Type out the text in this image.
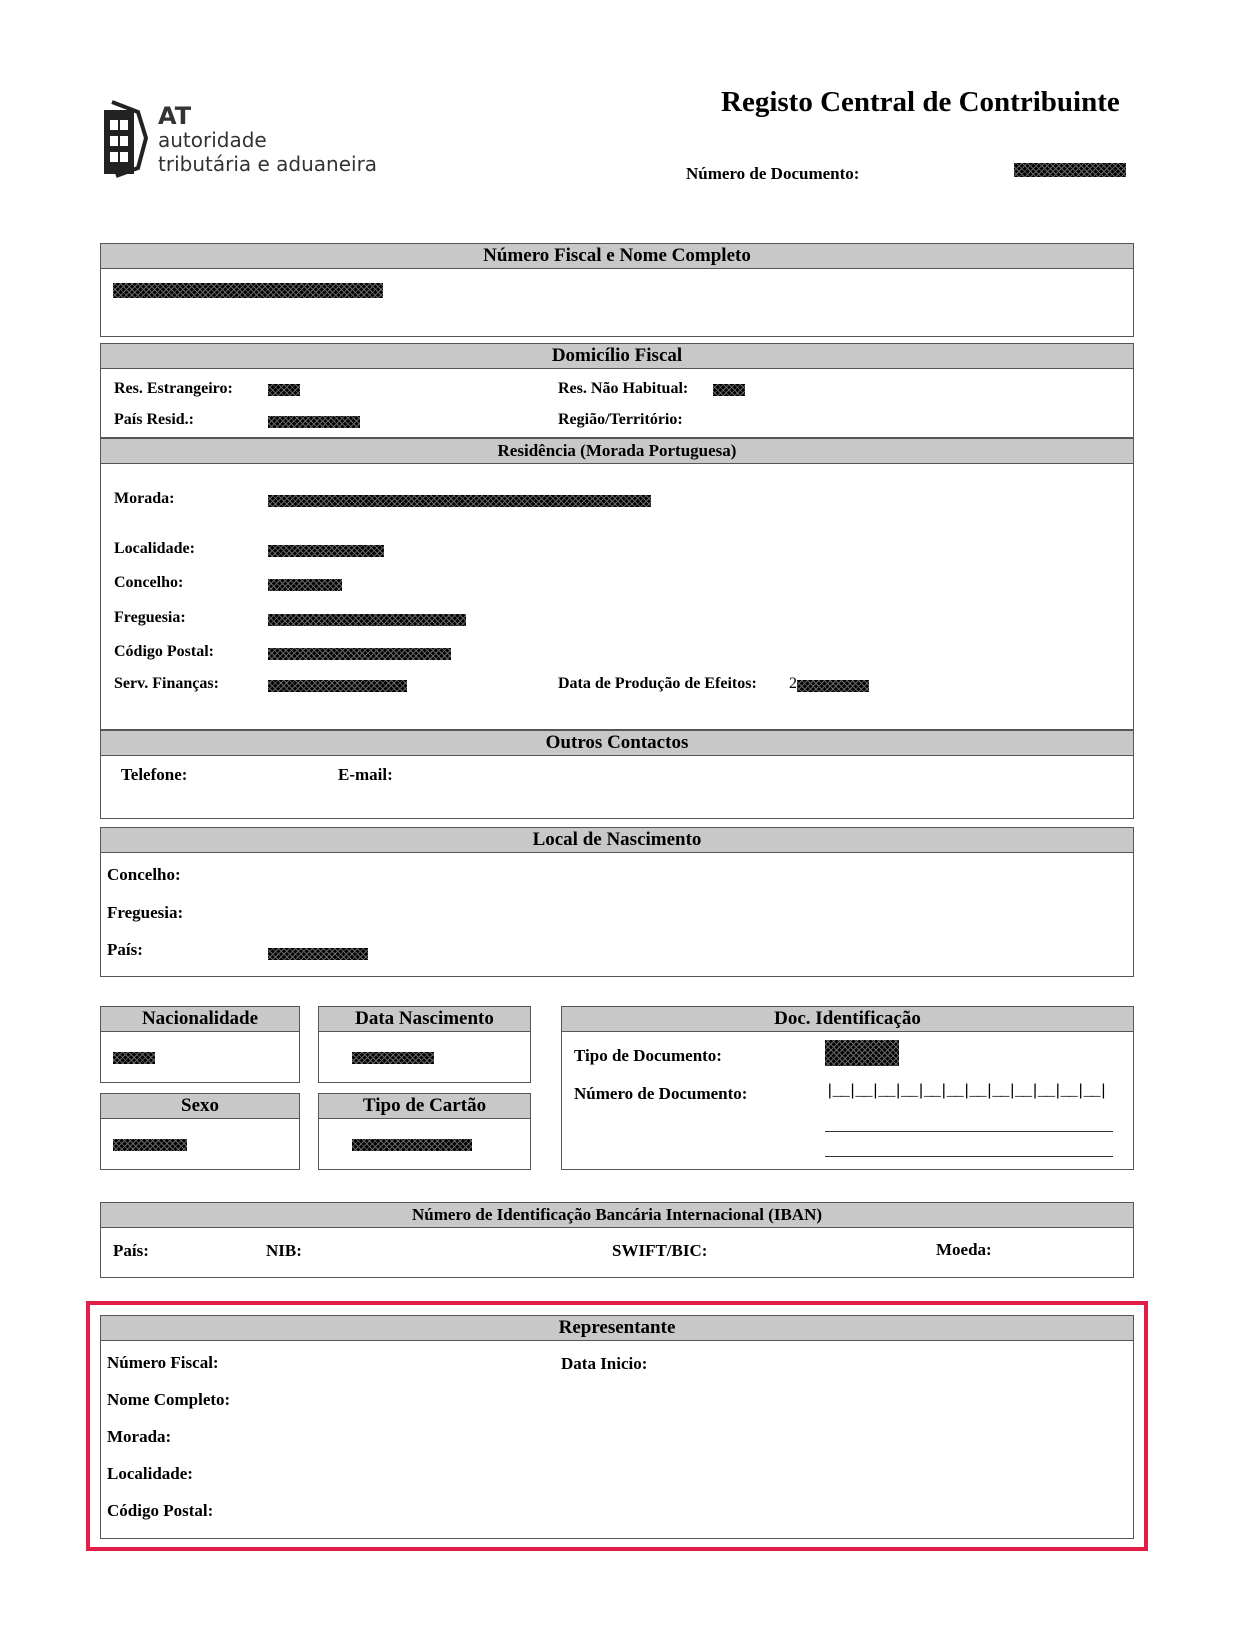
AT
autoridade
tributária e aduaneira
Registo Central de Contribuinte
Número de Documento:
Número Fiscal e Nome Completo
Domicílio Fiscal
Res. Estrangeiro:	Res. Não Habitual:
País Resid.:	Região/Território:
Residência (Morada Portuguesa)
Morada:
Localidade:
Concelho:
Freguesia:
Código Postal:
Serv. Finanças:	Data de Produção de Efeitos: 2
Outros Contactos
Telefone:	E-mail:
Local de Nascimento
Concelho:
Freguesia:
País:
Nacionalidade	Data Nascimento
Sexo	Tipo de Cartão
Doc. Identificação
Tipo de Documento:
Número de Documento:	|__|__|__|__|__|__|__|__|__|__|__|__|
Número de Identificação Bancária Internacional (IBAN)
País:	NIB:	SWIFT/BIC:	Moeda:
Representante
Número Fiscal:	Data Inicio:
Nome Completo:
Morada:
Localidade:
Código Postal:
